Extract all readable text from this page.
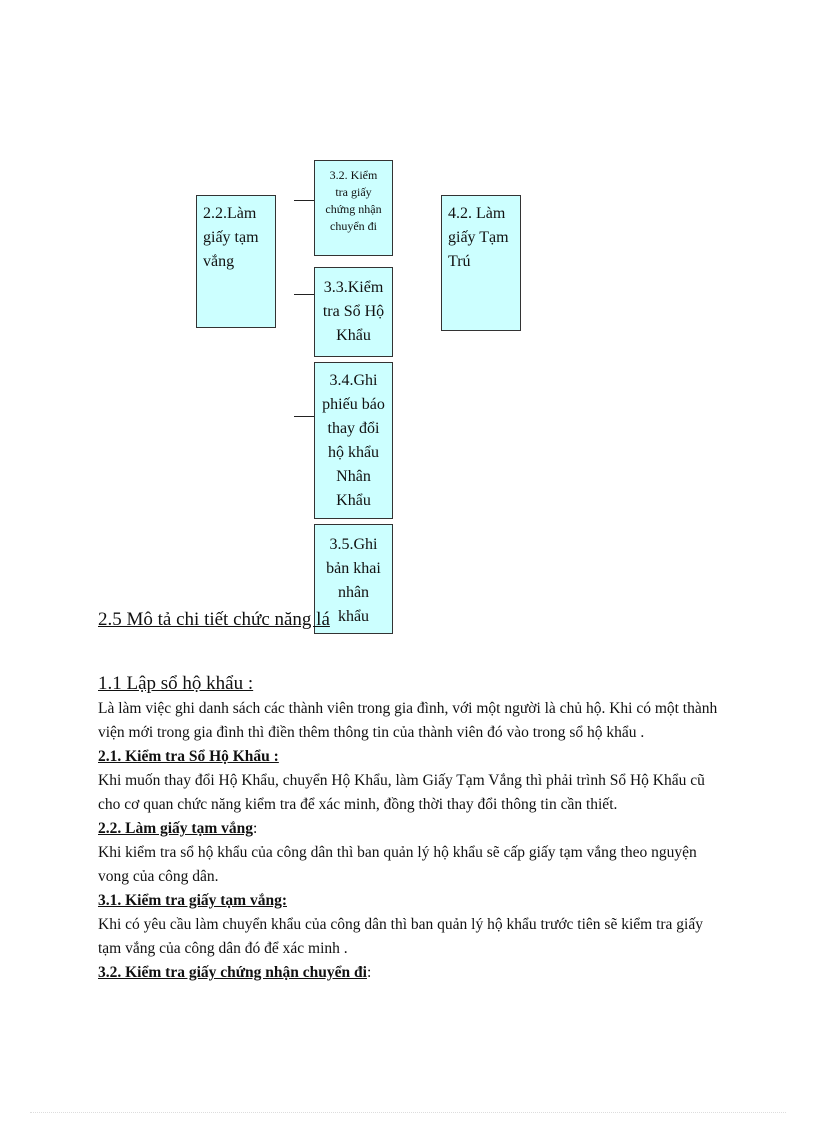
2.2.Làm
giấy tạm
vắng
3.2. Kiểm
tra giấy
chứng nhận
chuyển đi
3.3.Kiểm
tra Sổ Hộ
Khẩu
3.4.Ghi
phiếu báo
thay đổi
hộ khẩu
Nhân
Khẩu
3.5.Ghi
bản khai
nhân
khẩu
4.2. Làm
giấy Tạm
Trú
2.5 Mô tả chi tiết chức năng lá
1.1 Lập sổ hộ khẩu :

Là làm việc ghi danh sách các thành viên trong gia đình, với một người là chủ hộ. Khi có một thành viện mới trong gia đình thì điền thêm thông tin của thành viên đó vào trong sổ hộ khẩu .

2.1. Kiểm tra Sổ Hộ Khẩu :

Khi muốn thay đổi Hộ Khẩu, chuyển Hộ Khẩu, làm Giấy Tạm Vắng thì phải trình Sổ Hộ Khẩu cũ cho cơ quan chức năng kiểm tra để xác minh, đồng thời thay đổi thông tin cần thiết.

2.2. Làm giấy tạm vắng:

Khi kiểm tra sổ hộ khẩu của công dân thì ban quản lý hộ khẩu sẽ cấp giấy tạm vắng theo nguyện vong của công dân.

3.1. Kiểm tra giấy tạm vắng:

Khi có yêu cầu làm chuyển khẩu của công dân thì ban quản lý hộ khẩu trước tiên sẽ kiểm tra giấy tạm vắng của công dân đó để xác minh .

3.2. Kiểm tra giấy chứng nhận chuyển đi:
